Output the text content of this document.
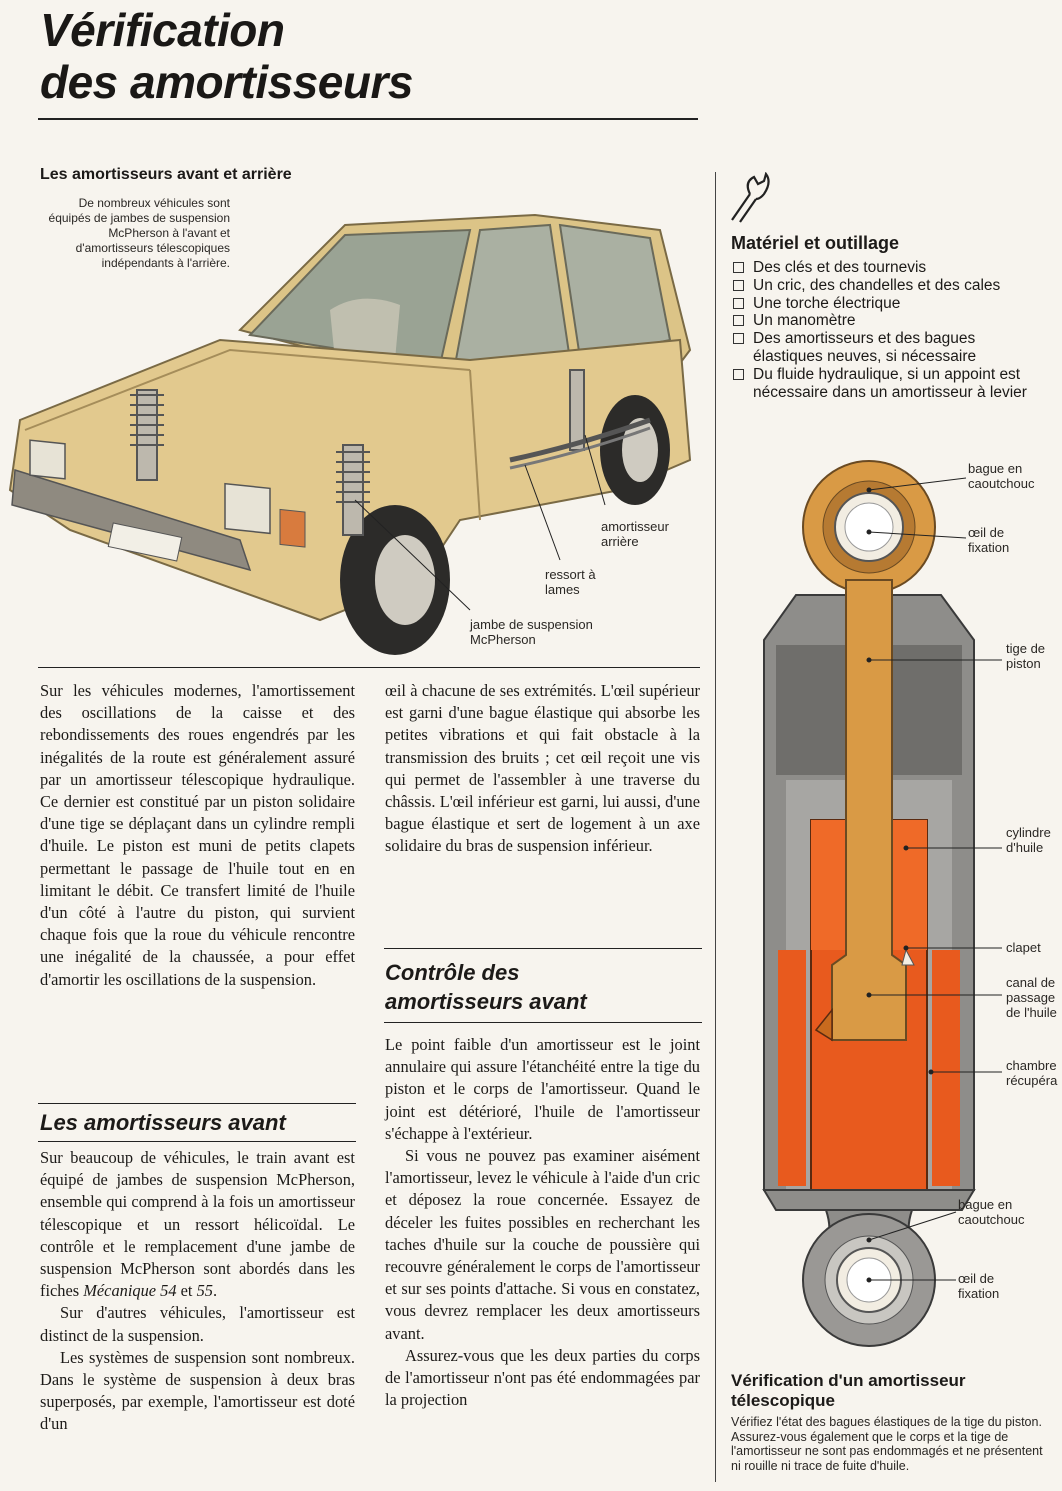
Vérification
des amortisseurs
Les amortisseurs avant et arrière
De nombreux véhicules sont équipés de jambes de suspension McPherson à l'avant et d'amortisseurs télescopiques indépendants à l'arrière.
amortisseur arrière
ressort à lames
jambe de suspension McPherson

Sur les véhicules modernes, l'amortissement des oscillations de la caisse et des rebondissements des roues engendrés par les inégalités de la route est généralement assuré par un amortisseur télescopique hydraulique. Ce dernier est constitué par un piston solidaire d'une tige se déplaçant dans un cylindre rempli d'huile. Le piston est muni de petits clapets permettant le passage de l'huile tout en en limitant le débit. Ce transfert limité de l'huile d'un côté à l'autre du piston, qui survient chaque fois que la roue du véhicule rencontre une inégalité de la chaussée, a pour effet d'amortir les oscillations de la suspension.

Les amortisseurs avant

Sur beaucoup de véhicules, le train avant est équipé de jambes de suspension McPherson, ensemble qui comprend à la fois un amortisseur télescopique et un ressort hélicoïdal. Le contrôle et le remplacement d'une jambe de suspension McPherson sont abordés dans les fiches Mécanique 54 et 55.

Sur d'autres véhicules, l'amortisseur est distinct de la suspension.

Les systèmes de suspension sont nombreux. Dans le système de suspension à deux bras superposés, par exemple, l'amortisseur est doté d'un

œil à chacune de ses extrémités. L'œil supérieur est garni d'une bague élastique qui absorbe les petites vibrations et qui fait obstacle à la transmission des bruits ; cet œil reçoit une vis qui permet de l'assembler à une traverse du châssis. L'œil inférieur est garni, lui aussi, d'une bague élastique et sert de logement à un axe solidaire du bras de suspension inférieur.

Contrôle des
amortisseurs avant

Le point faible d'un amortisseur est le joint annulaire qui assure l'étanchéité entre la tige du piston et le corps de l'amortisseur. Quand le joint est détérioré, l'huile de l'amortisseur s'échappe à l'extérieur.

Si vous ne pouvez pas examiner aisément l'amortisseur, levez le véhicule à l'aide d'un cric et déposez la roue concernée. Essayez de déceler les fuites possibles en recherchant les taches d'huile sur la couche de poussière qui recouvre généralement le corps de l'amortisseur et sur ses points d'attache. Si vous en constatez, vous devrez remplacer les deux amortisseurs avant.

Assurez-vous que les deux parties du corps de l'amortisseur n'ont pas été endommagées par la projection

Matériel et outillage
Des clés et des tournevis
Un cric, des chandelles et des cales
Une torche électrique
Un manomètre
Des amortisseurs et des bagues élastiques neuves, si nécessaire
Du fluide hydraulique, si un appoint est nécessaire dans un amortisseur à levier
bague en caoutchouc
œil de fixation
tige de piston
cylindre d'huile
clapet
canal de passage de l'huile
chambre récupéra
bague en caoutchouc
œil de fixation
Vérification d'un amortisseur télescopique
Vérifiez l'état des bagues élastiques de la tige du piston. Assurez-vous également que le corps et la tige de l'amortisseur ne sont pas endommagés et ne présentent ni rouille ni trace de fuite d'huile.
